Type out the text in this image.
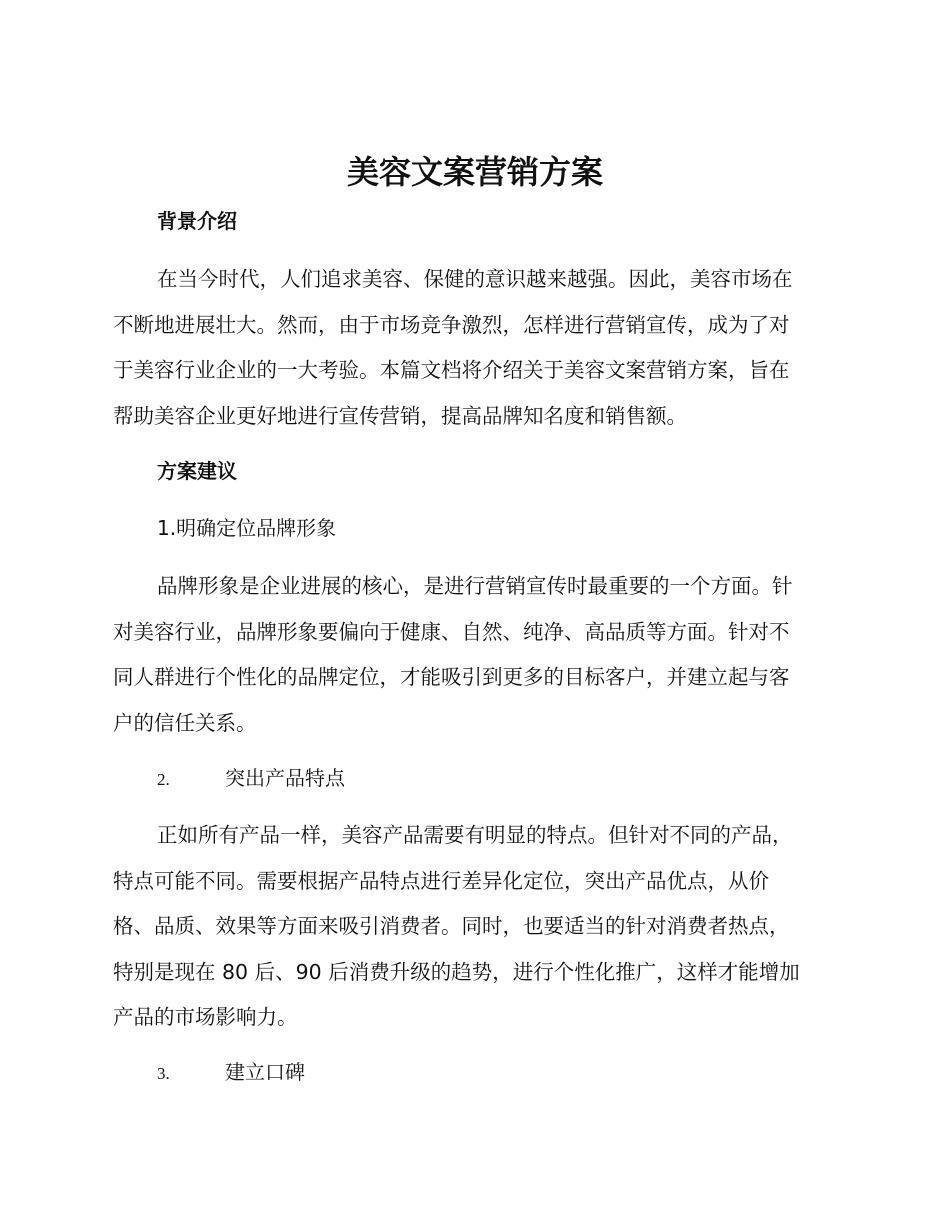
美容文案营销方案
背景介绍
在当今时代，人们追求美容、保健的意识越来越强。因此，美容市场在
不断地进展壮大。然而，由于市场竞争激烈，怎样进行营销宣传，成为了对
于美容行业企业的一大考验。本篇文档将介绍关于美容文案营销方案，旨在
帮助美容企业更好地进行宣传营销，提高品牌知名度和销售额。
方案建议

1.明确定位品牌形象

品牌形象是企业进展的核心，是进行营销宣传时最重要的一个方面。针
对美容行业，品牌形象要偏向于健康、自然、纯净、高品质等方面。针对不
同人群进行个性化的品牌定位，才能吸引到更多的目标客户，并建立起与客
户的信任关系。

2.	突出产品特点

正如所有产品一样，美容产品需要有明显的特点。但针对不同的产品，
特点可能不同。需要根据产品特点进行差异化定位，突出产品优点，从价
格、品质、效果等方面来吸引消费者。同时，也要适当的针对消费者热点，
特别是现在 80 后、90 后消费升级的趋势，进行个性化推广，这样才能增加
产品的市场影响力。

3.	建立口碑
